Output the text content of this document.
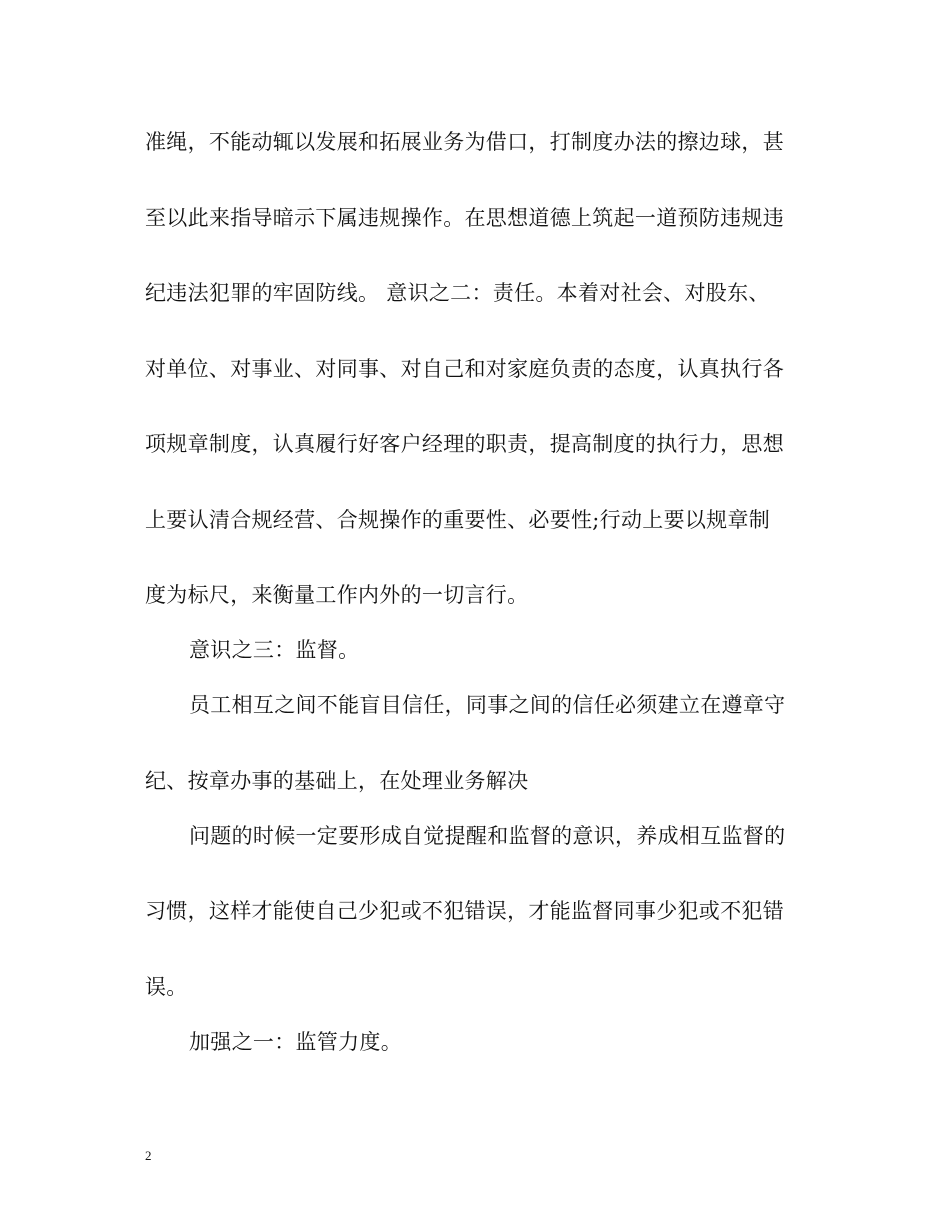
准绳，不能动辄以发展和拓展业务为借口，打制度办法的擦边球，甚
至以此来指导暗示下属违规操作。在思想道德上筑起一道预防违规违
纪违法犯罪的牢固防线。 意识之二：责任。本着对社会、对股东、
对单位、对事业、对同事、对自己和对家庭负责的态度，认真执行各
项规章制度，认真履行好客户经理的职责，提高制度的执行力，思想
上要认清合规经营、合规操作的重要性、必要性;行动上要以规章制
度为标尺，来衡量工作内外的一切言行。
意识之三：监督。
员工相互之间不能盲目信任，同事之间的信任必须建立在遵章守
纪、按章办事的基础上，在处理业务解决
问题的时候一定要形成自觉提醒和监督的意识，养成相互监督的
习惯，这样才能使自己少犯或不犯错误，才能监督同事少犯或不犯错
误。
加强之一：监管力度。
2
